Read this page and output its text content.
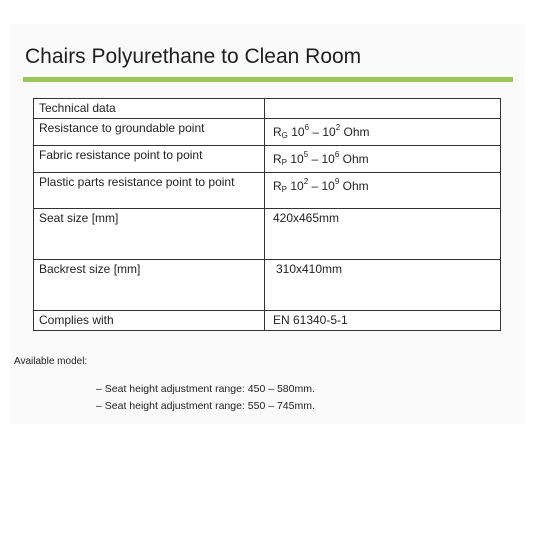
Chairs Polyurethane to Clean Room
Technical data	
Resistance to groundable point	$R_G$ $10^6 - 10^2$ Ohm
Fabric resistance point to point	$R_P$ $10^5 - 10^6$ Ohm
Plastic parts resistance point to point	$R_P$ $10^2 - 10^9$ Ohm
Seat size [mm]	420x465mm
Backrest size [mm]	310x410mm
Complies with	EN 61340-5-1
Available model:
– Seat height adjustment range: 450 – 580mm.
– Seat height adjustment range: 550 – 745mm.
